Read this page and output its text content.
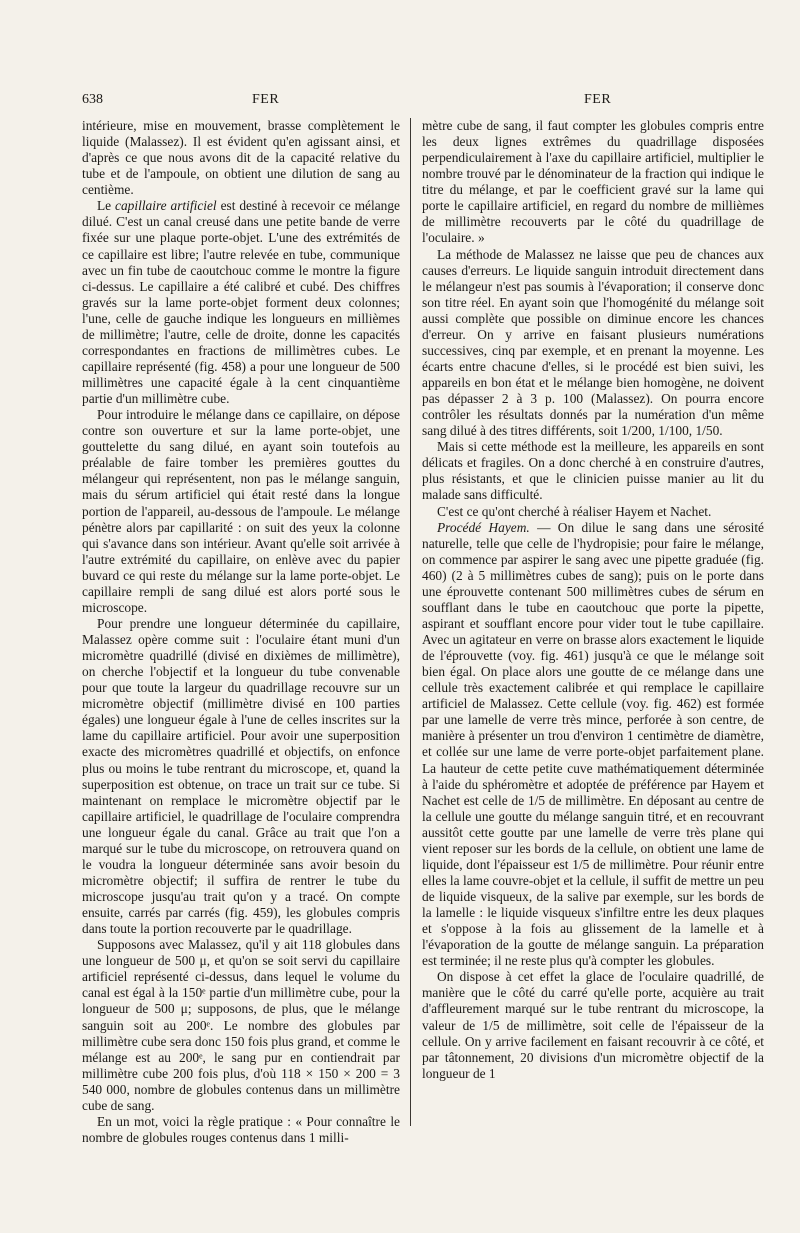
638	FER	FER

intérieure, mise en mouvement, brasse complètement le liquide (Malassez). Il est évident qu'en agissant ainsi, et d'après ce que nous avons dit de la capacité relative du tube et de l'ampoule, on obtient une dilution de sang au centième.

Le capillaire artificiel est destiné à recevoir ce mélange dilué. C'est un canal creusé dans une petite bande de verre fixée sur une plaque porte-objet. L'une des extrémités de ce capillaire est libre; l'autre relevée en tube, communique avec un fin tube de caoutchouc comme le montre la figure ci-dessus. Le capillaire a été calibré et cubé. Des chiffres gravés sur la lame porte-objet forment deux colonnes; l'une, celle de gauche indique les longueurs en millièmes de millimètre; l'autre, celle de droite, donne les capacités correspondantes en fractions de millimètres cubes. Le capillaire représenté (fig. 458) a pour une longueur de 500 millimètres une capacité égale à la cent cinquantième partie d'un millimètre cube.

Pour introduire le mélange dans ce capillaire, on dépose contre son ouverture et sur la lame porte-objet, une gouttelette du sang dilué, en ayant soin toutefois au préalable de faire tomber les premières gouttes du mélangeur qui représentent, non pas le mélange sanguin, mais du sérum artificiel qui était resté dans la longue portion de l'appareil, au-dessous de l'ampoule. Le mélange pénètre alors par capillarité : on suit des yeux la colonne qui s'avance dans son intérieur. Avant qu'elle soit arrivée à l'autre extrémité du capillaire, on enlève avec du papier buvard ce qui reste du mélange sur la lame porte-objet. Le capillaire rempli de sang dilué est alors porté sous le microscope.

Pour prendre une longueur déterminée du capillaire, Malassez opère comme suit : l'oculaire étant muni d'un micromètre quadrillé (divisé en dixièmes de millimètre), on cherche l'objectif et la longueur du tube convenable pour que toute la largeur du quadrillage recouvre sur un micromètre objectif (millimètre divisé en 100 parties égales) une longueur égale à l'une de celles inscrites sur la lame du capillaire artificiel. Pour avoir une superposition exacte des micromètres quadrillé et objectifs, on enfonce plus ou moins le tube rentrant du microscope, et, quand la superposition est obtenue, on trace un trait sur ce tube. Si maintenant on remplace le micromètre objectif par le capillaire artificiel, le quadrillage de l'oculaire comprendra une longueur égale du canal. Grâce au trait que l'on a marqué sur le tube du microscope, on retrouvera quand on le voudra la longueur déterminée sans avoir besoin du micromètre objectif; il suffira de rentrer le tube du microscope jusqu'au trait qu'on y a tracé. On compte ensuite, carrés par carrés (fig. 459), les globules compris dans toute la portion recouverte par le quadrillage.

Supposons avec Malassez, qu'il y ait 118 globules dans une longueur de 500 μ, et qu'on se soit servi du capillaire artificiel représenté ci-dessus, dans lequel le volume du canal est égal à la 150ᵉ partie d'un millimètre cube, pour la longueur de 500 μ; supposons, de plus, que le mélange sanguin soit au 200ᵉ. Le nombre des globules par millimètre cube sera donc 150 fois plus grand, et comme le mélange est au 200ᵉ, le sang pur en contiendrait par millimètre cube 200 fois plus, d'où 118 × 150 × 200 = 3 540 000, nombre de globules contenus dans un millimètre cube de sang.

En un mot, voici la règle pratique : « Pour connaître le nombre de globules rouges contenus dans 1 milli-

mètre cube de sang, il faut compter les globules compris entre les deux lignes extrêmes du quadrillage disposées perpendiculairement à l'axe du capillaire artificiel, multiplier le nombre trouvé par le dénominateur de la fraction qui indique le titre du mélange, et par le coefficient gravé sur la lame qui porte le capillaire artificiel, en regard du nombre de millièmes de millimètre recouverts par le côté du quadrillage de l'oculaire. »

La méthode de Malassez ne laisse que peu de chances aux causes d'erreurs. Le liquide sanguin introduit directement dans le mélangeur n'est pas soumis à l'évaporation; il conserve donc son titre réel. En ayant soin que l'homogénité du mélange soit aussi complète que possible on diminue encore les chances d'erreur. On y arrive en faisant plusieurs numérations successives, cinq par exemple, et en prenant la moyenne. Les écarts entre chacune d'elles, si le procédé est bien suivi, les appareils en bon état et le mélange bien homogène, ne doivent pas dépasser 2 à 3 p. 100 (Malassez). On pourra encore contrôler les résultats donnés par la numération d'un même sang dilué à des titres différents, soit 1/200, 1/100, 1/50.

Mais si cette méthode est la meilleure, les appareils en sont délicats et fragiles. On a donc cherché à en construire d'autres, plus résistants, et que le clinicien puisse manier au lit du malade sans difficulté.

C'est ce qu'ont cherché à réaliser Hayem et Nachet.

Procédé Hayem. — On dilue le sang dans une sérosité naturelle, telle que celle de l'hydropisie; pour faire le mélange, on commence par aspirer le sang avec une pipette graduée (fig. 460) (2 à 5 millimètres cubes de sang); puis on le porte dans une éprouvette contenant 500 millimètres cubes de sérum en soufflant dans le tube en caoutchouc que porte la pipette, aspirant et soufflant encore pour vider tout le tube capillaire. Avec un agitateur en verre on brasse alors exactement le liquide de l'éprouvette (voy. fig. 461) jusqu'à ce que le mélange soit bien égal. On place alors une goutte de ce mélange dans une cellule très exactement calibrée et qui remplace le capillaire artificiel de Malassez. Cette cellule (voy. fig. 462) est formée par une lamelle de verre très mince, perforée à son centre, de manière à présenter un trou d'environ 1 centimètre de diamètre, et collée sur une lame de verre porte-objet parfaitement plane. La hauteur de cette petite cuve mathématiquement déterminée à l'aide du sphéromètre et adoptée de préférence par Hayem et Nachet est celle de 1/5 de millimètre. En déposant au centre de la cellule une goutte du mélange sanguin titré, et en recouvrant aussitôt cette goutte par une lamelle de verre très plane qui vient reposer sur les bords de la cellule, on obtient une lame de liquide, dont l'épaisseur est 1/5 de millimètre. Pour réunir entre elles la lame couvre-objet et la cellule, il suffit de mettre un peu de liquide visqueux, de la salive par exemple, sur les bords de la lamelle : le liquide visqueux s'infiltre entre les deux plaques et s'oppose à la fois au glissement de la lamelle et à l'évaporation de la goutte de mélange sanguin. La préparation est terminée; il ne reste plus qu'à compter les globules.

On dispose à cet effet la glace de l'oculaire quadrillé, de manière que le côté du carré qu'elle porte, acquière au trait d'affleurement marqué sur le tube rentrant du microscope, la valeur de 1/5 de millimètre, soit celle de l'épaisseur de la cellule. On y arrive facilement en faisant recouvrir à ce côté, et par tâtonnement, 20 divisions d'un micromètre objectif de la longueur de 1
